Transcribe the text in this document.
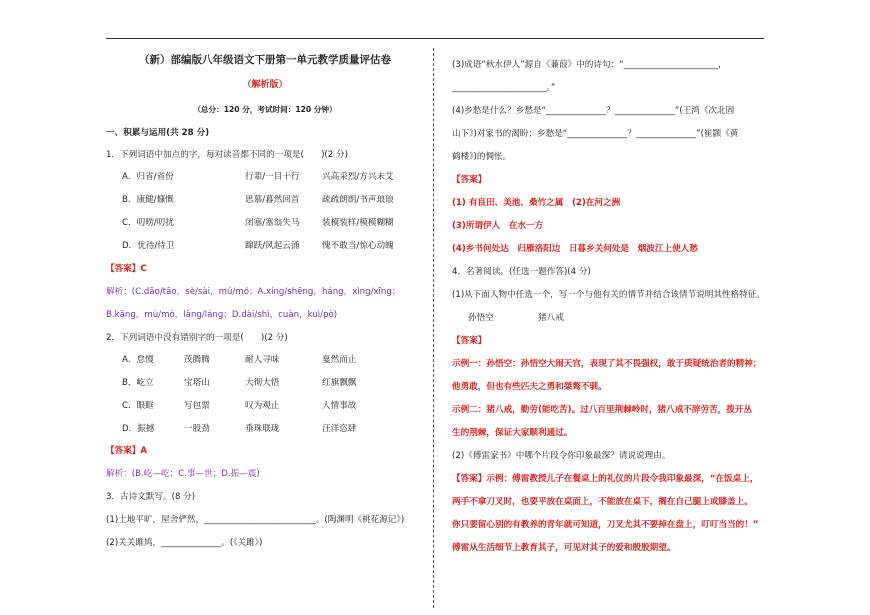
（新）部编版八年级语文下册第一单元教学质量评估卷
（解析版）
（总分：120 分，考试时间：120 分钟）
一、积累与运用(共 28 分)
1．下列词语中加点的字，每对读音都不同的一项是(　　)(2 分)
A．归省/省份	行辈/一目十行	兴高采烈/方兴未艾
B．康健/慷慨	思慕/暮然回首	疏疏朗朗/书声琅琅
C．叨唠/叨扰	闭塞/塞翁失马	装模装样/模模糊糊
D．优待/侍卫	蹿跃/风起云涌	愧不敢当/惊心动魄
【答案】C
解析：(C.dāo/tāo，sè/sài，mú/mó；A.xíng/shēng，háng，xìng/xīng；
B.kāng，mù/mò，lǎng/láng；D.dài/shì，cuàn，kuì/pò)
2．下列词语中没有错别字的一项是(　　)(2 分)
A．怠慢	茂腾腾	耐人寻味	戛然而止
B．屹立	宝塔山	大彻大悟	红旗飘飘
C．眼眶	写包票	叹为观止	人情事故
D．振撼	一股劲	垂珠联珑	汪洋恣肆
【答案】A
解析：(B.屹—屹；C.事—世；D.振—震)
3．古诗文默写。(8 分)
(1)土地平旷，屋舍俨然，__________________________。(陶渊明《桃花源记》)
(2)关关雎鸠，______________。(《关雎》)
(3)成语“秋水伊人”源自《蒹葭》中的诗句：“______________________，
______________________。”
(4)乡愁是什么？乡愁是“______________？______________”(王湾《次北固
山下》)对家书的渴盼；乡愁是“______________？______________”(崔颢《黄
鹤楼》)的惆怅。
【答案】
(1) 有良田、美池、桑竹之属　(2)在河之洲
(3)所谓伊人　在水一方
(4)乡书何处达　归雁洛阳边　日暮乡关何处是　烟波江上使人愁
4．名著阅读。(任选一题作答)(4 分)
(1)从下面人物中任选一个，写一个与他有关的情节并结合该情节说明其性格特征。
孙悟空	猪八戒
【答案】
示例一：孙悟空：孙悟空大闹天宫，表现了其不畏强权，敢于质疑统治者的精神；
他勇敢，但也有些匹夫之勇和桀骜不驯。
示例二：猪八戒，勤劳(能吃苦)。过八百里荆棘岭时，猪八戒不辞劳苦，拨开丛
生的荆棘，保证大家顺利通过。
(2)《傅雷家书》中哪个片段令你印象最深？请说说理由。
【答案】示例：傅雷教授儿子在餐桌上的礼仪的片段令我印象最深，“在饭桌上，
两手不拿刀叉时，也要平放在桌面上，不能放在桌下，搁在自己腿上或膝盖上。
你只要留心别的有教养的青年就可知道，刀叉尤其不要掉在盘上，叮叮当当的！”
傅雷从生活细节上教育其子，可见对其子的爱和殷殷期望。
